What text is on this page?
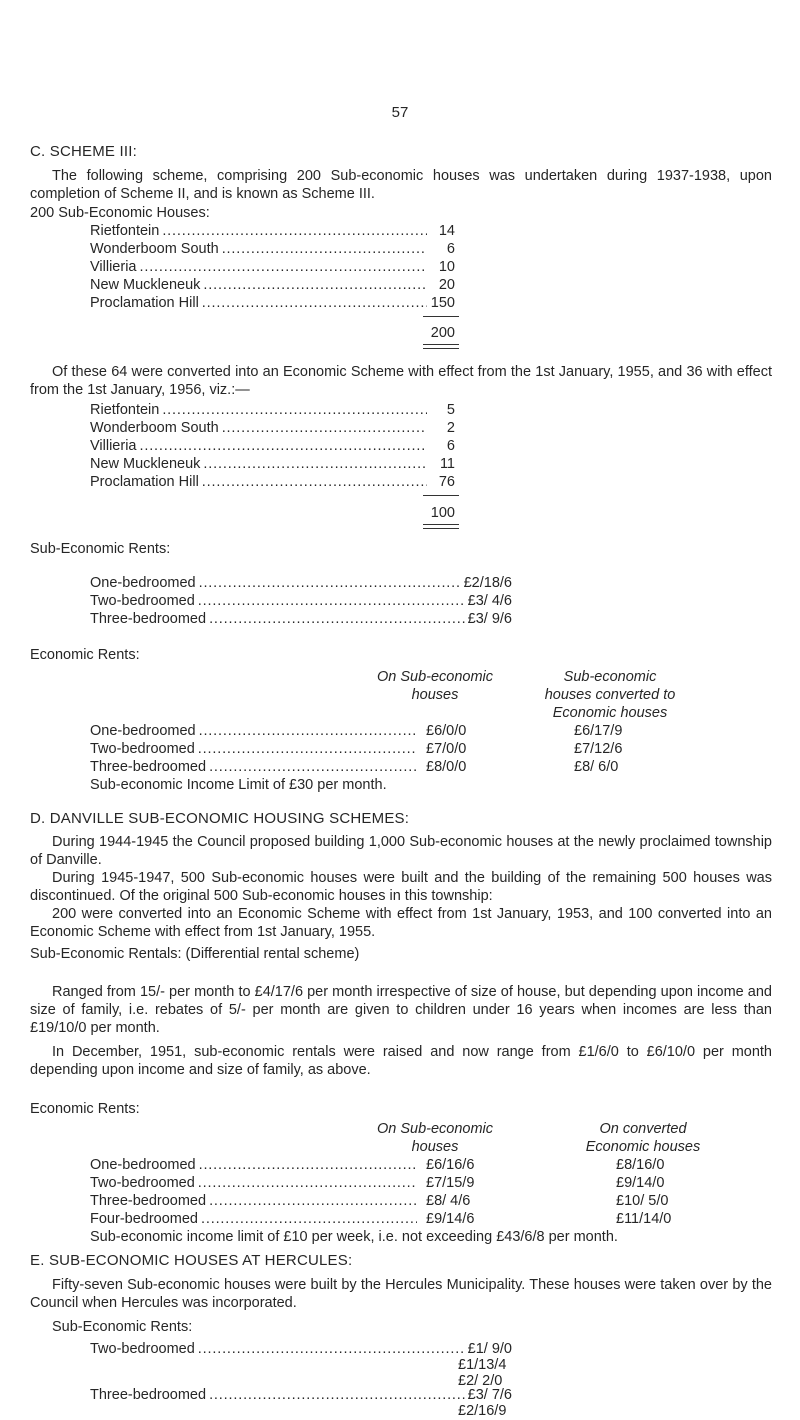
57
C. SCHEME III:
The following scheme, comprising 200 Sub-economic houses was undertaken during 1937-1938, upon completion of Scheme II, and is known as Scheme III.
200 Sub-Economic Houses:
Rietfontein . . .	14
Wonderboom South . . .	6
Villieria . . .	10
New Muckleneuk . . .	20
Proclamation Hill . . .	150
200
Of these 64 were converted into an Economic Scheme with effect from the 1st January, 1955, and 36 with effect from the 1st January, 1956, viz.:—
Rietfontein . . .	5
Wonderboom South . . .	2
Villieria . . .	6
New Muckleneuk . . .	11
Proclamation Hill . . .	76
100
Sub-Economic Rents:
One-bedroomed . . .	£2/18/6
Two-bedroomed . . .	£3/ 4/6
Three-bedroomed . . .	£3/ 9/6
Economic Rents:
On Sub-economic
houses
Sub-economic
houses converted to
Economic houses
One-bedroomed . . .	£6/0/0	£6/17/9
Two-bedroomed . . .	£7/0/0	£7/12/6
Three-bedroomed . . .	£8/0/0	£8/ 6/0
Sub-economic Income Limit of £30 per month.
D. DANVILLE SUB-ECONOMIC HOUSING SCHEMES:
During 1944-1945 the Council proposed building 1,000 Sub-economic houses at the newly proclaimed township of Danville.
During 1945-1947, 500 Sub-economic houses were built and the building of the remaining 500 houses was discontinued. Of the original 500 Sub-economic houses in this township:
200 were converted into an Economic Scheme with effect from 1st January, 1953, and 100 converted into an Economic Scheme with effect from 1st January, 1955.
Sub-Economic Rentals: (Differential rental scheme)
Ranged from 15/- per month to £4/17/6 per month irrespective of size of house, but depending upon income and size of family, i.e. rebates of 5/- per month are given to children under 16 years when incomes are less than £19/10/0 per month.
In December, 1951, sub-economic rentals were raised and now range from £1/6/0 to £6/10/0 per month depending upon income and size of family, as above.
Economic Rents:
On Sub-economic
houses
On converted
Economic houses
One-bedroomed . . .	£6/16/6	£8/16/0
Two-bedroomed . . .	£7/15/9	£9/14/0
Three-bedroomed . . .	£8/ 4/6	£10/ 5/0
Four-bedroomed . . .	£9/14/6	£11/14/0
Sub-economic income limit of £10 per week, i.e. not exceeding £43/6/8 per month.
E. SUB-ECONOMIC HOUSES AT HERCULES:
Fifty-seven Sub-economic houses were built by the Hercules Municipality. These houses were taken over by the Council when Hercules was incorporated.
Sub-Economic Rents:
Two-bedroomed . . .	£1/ 9/0
£1/13/4
£2/ 2/0
Three-bedroomed . . .	£3/ 7/6
£2/16/9
